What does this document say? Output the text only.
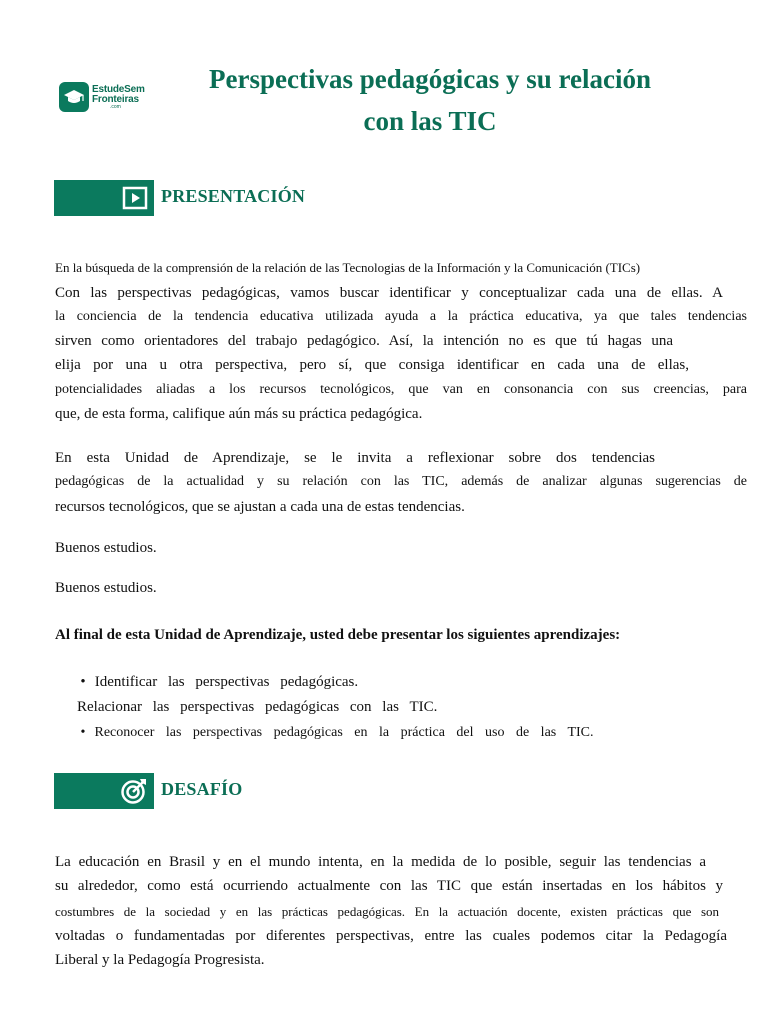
EstudeSem
Fronteiras
.com
Perspectivas pedagógicas y su relación
con las TIC
PRESENTACIÓN
En la búsqueda de la comprensión de la relación de las Tecnologias de la Información y la Comunicación (TICs)
Con las perspectivas pedagógicas, vamos buscar identificar y conceptualizar cada una de ellas. A
la conciencia de la tendencia educativa utilizada ayuda a la práctica educativa, ya que tales tendencias
sirven como orientadores del trabajo pedagógico. Así, la intención no es que tú hagas una
elija por una u otra perspectiva, pero sí, que consiga identificar en cada una de ellas,
potencialidades aliadas a los recursos tecnológicos, que van en consonancia con sus creencias, para
que, de esta forma, califique aún más su práctica pedagógica.
En esta Unidad de Aprendizaje, se le invita a reflexionar sobre dos tendencias
pedagógicas de la actualidad y su relación con las TIC, además de analizar algunas sugerencias de
recursos tecnológicos, que se ajustan a cada una de estas tendencias.

Buenos estudios.

Buenos estudios.

Al final de esta Unidad de Aprendizaje, usted debe presentar los siguientes aprendizajes:

• Identificar las perspectivas pedagógicas.
Relacionar las perspectivas pedagógicas con las TIC.
• Reconocer las perspectivas pedagógicas en la práctica del uso de las TIC.
DESAFÍO
La educación en Brasil y en el mundo intenta, en la medida de lo posible, seguir las tendencias a
su alrededor, como está ocurriendo actualmente con las TIC que están insertadas en los hábitos y
costumbres de la sociedad y en las prácticas pedagógicas. En la actuación docente, existen prácticas que son
voltadas o fundamentadas por diferentes perspectivas, entre las cuales podemos citar la Pedagogía
Liberal y la Pedagogía Progresista.
